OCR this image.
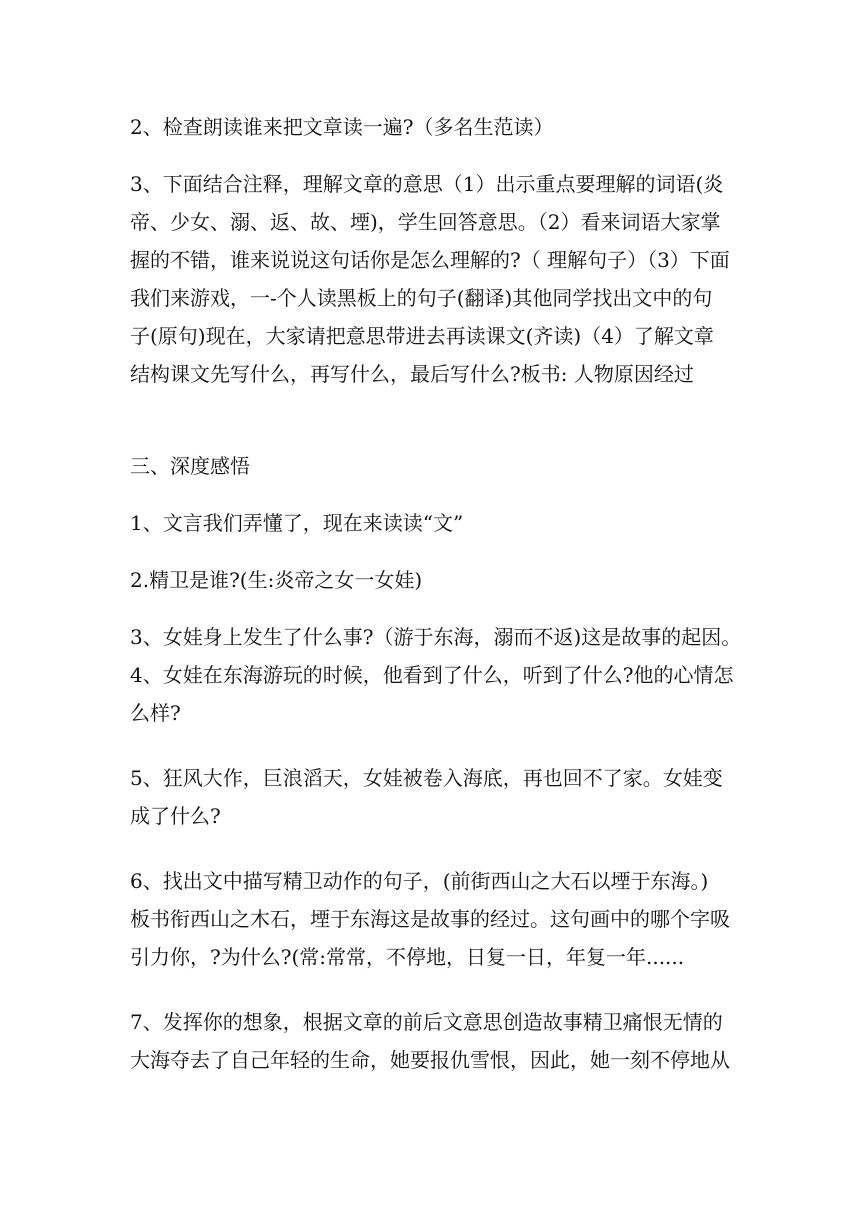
2、检查朗读谁来把文章读一遍?（多名生范读）
3、下面结合注释，理解文章的意思（1）出示重点要理解的词语(炎
帝、少女、溺、返、故、堙)，学生回答意思。（2）看来词语大家掌
握的不错，谁来说说这句话你是怎么理解的?（ 理解句子）（3）下面
我们来游戏，一-个人读黑板上的句子(翻译)其他同学找出文中的句
子(原句)现在，大家请把意思带进去再读课文(齐读)（4）了解文章
结构课文先写什么，再写什么，最后写什么?板书: 人物原因经过
三、深度感悟
1、文言我们弄懂了，现在来读读“文”
2.精卫是谁?(生:炎帝之女一女娃)
3、女娃身上发生了什么事?（游于东海，溺而不返)这是故事的起因。
4、女娃在东海游玩的时候，他看到了什么，听到了什么?他的心情怎
么样?
5、狂风大作，巨浪滔天，女娃被卷入海底，再也回不了家。女娃变
成了什么?
6、找出文中描写精卫动作的句子，(前街西山之大石以堙于东海。)
板书衔西山之木石，堙于东海这是故事的经过。这句画中的哪个字吸
引力你，?为什么?(常:常常，不停地，日复一日，年复一年......
7、发挥你的想象，根据文章的前后文意思创造故事精卫痛恨无情的
大海夺去了自己年轻的生命，她要报仇雪恨，因此，她一刻不停地从
